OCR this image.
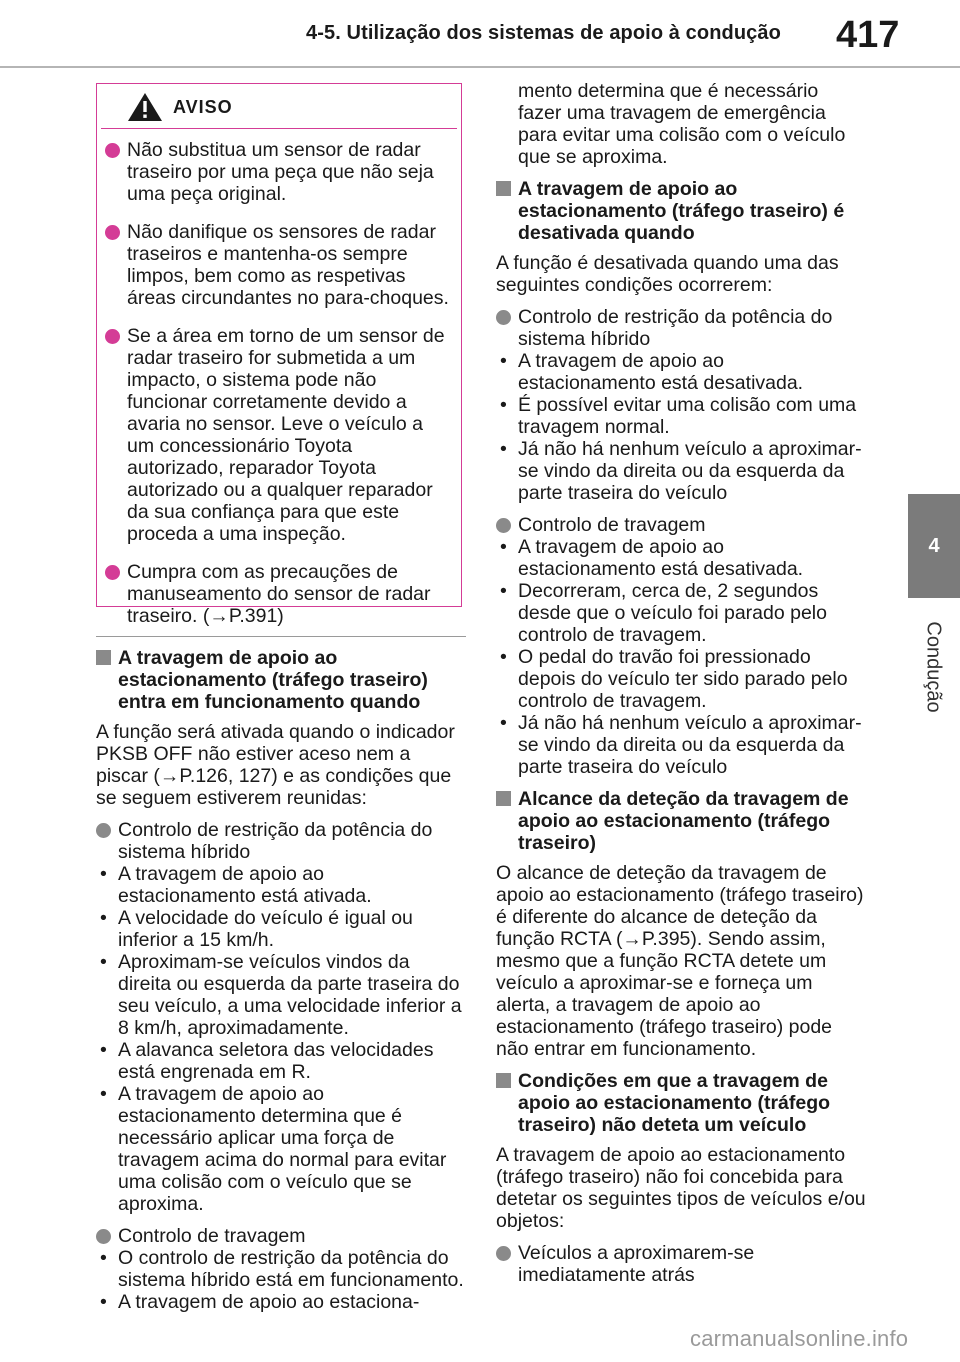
4-5. Utilização dos sistemas de apoio à condução 417
4
Condução
AVISO
Não substitua um sensor de radar traseiro por uma peça que não seja uma peça original.
Não danifique os sensores de radar traseiros e mantenha-os sempre limpos, bem como as respetivas áreas circundantes no para-choques.
Se a área em torno de um sensor de radar traseiro for submetida a um impacto, o sistema pode não funcionar corretamente devido a avaria no sensor. Leve o veículo a um concessionário Toyota autorizado, reparador Toyota autorizado ou a qualquer reparador da sua confiança para que este proceda a uma inspeção.
Cumpra com as precauções de manuseamento do sensor de radar traseiro. (→P.391)
A travagem de apoio ao estacionamento (tráfego traseiro) entra em funcionamento quando
A função será ativada quando o indicador PKSB OFF não estiver aceso nem a piscar (→P.126, 127) e as condições que se seguem estiverem reunidas:
Controlo de restrição da potência do sistema híbrido
• A travagem de apoio ao estacionamento está ativada.
• A velocidade do veículo é igual ou inferior a 15 km/h.
• Aproximam-se veículos vindos da direita ou esquerda da parte traseira do seu veículo, a uma velocidade inferior a 8 km/h, aproximadamente.
• A alavanca seletora das velocidades está engrenada em R.
• A travagem de apoio ao estacionamento determina que é necessário aplicar uma força de travagem acima do normal para evitar uma colisão com o veículo que se aproxima.
Controlo de travagem
• O controlo de restrição da potência do sistema híbrido está em funcionamento.
• A travagem de apoio ao estaciona-
mento determina que é necessário fazer uma travagem de emergência para evitar uma colisão com o veículo que se aproxima.
A travagem de apoio ao estacionamento (tráfego traseiro) é desativada quando
A função é desativada quando uma das seguintes condições ocorrerem:
Controlo de restrição da potência do sistema híbrido
• A travagem de apoio ao estacionamento está desativada.
• É possível evitar uma colisão com uma travagem normal.
• Já não há nenhum veículo a aproximar-se vindo da direita ou da esquerda da parte traseira do veículo
Controlo de travagem
• A travagem de apoio ao estacionamento está desativada.
• Decorreram, cerca de, 2 segundos desde que o veículo foi parado pelo controlo de travagem.
• O pedal do travão foi pressionado depois do veículo ter sido parado pelo controlo de travagem.
• Já não há nenhum veículo a aproximar-se vindo da direita ou da esquerda da parte traseira do veículo
Alcance da deteção da travagem de apoio ao estacionamento (tráfego traseiro)
O alcance de deteção da travagem de apoio ao estacionamento (tráfego traseiro) é diferente do alcance de deteção da função RCTA (→P.395). Sendo assim, mesmo que a função RCTA detete um veículo a aproximar-se e forneça um alerta, a travagem de apoio ao estacionamento (tráfego traseiro) pode não entrar em funcionamento.
Condições em que a travagem de apoio ao estacionamento (tráfego traseiro) não deteta um veículo
A travagem de apoio ao estacionamento (tráfego traseiro) não foi concebida para detetar os seguintes tipos de veículos e/ou objetos:
Veículos a aproximarem-se imediatamente atrás
carmanualsonline.info
